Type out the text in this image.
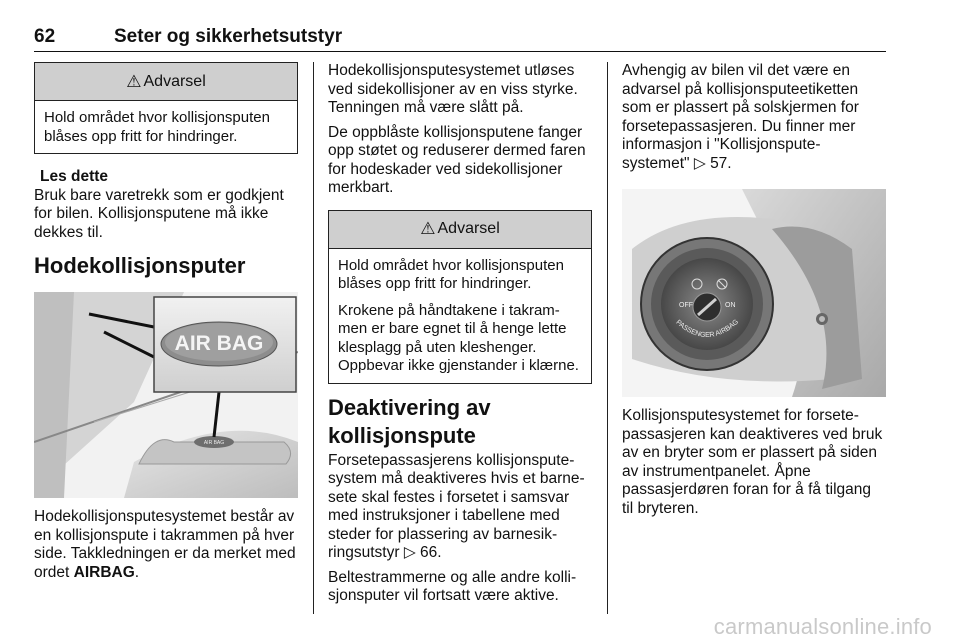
62	Seter og sikkerhetsutstyr
⚠ Advarsel

Hold området hvor kollisjonsputen blåses opp fritt for hindringer.

Les dette
Bruk bare varetrekk som er godkjent for bilen. Kollisjonsputene må ikke dekkes til.
Hodekollisjonsputer
AIR BAG
AIR BAG
Hodekollisjonsputesystemet består av en kollisjonspute i takrammen på hver side. Takkledningen er da merket med ordet AIRBAG.
Hodekollisjonsputesystemet utløses ved sidekollisjoner av en viss styrke. Tenningen må være slått på.
De oppblåste kollisjonsputene fanger opp støtet og reduserer dermed faren for hodeskader ved sidekollisjoner merkbart.
⚠ Advarsel

Hold området hvor kollisjonsputen blåses opp fritt for hindringer.

Krokene på håndtakene i takram-men er bare egnet til å henge lette klesplagg på uten kleshenger. Oppbevar ikke gjenstander i klærne.

Deaktivering av kollisjonspute
Forsetepassasjerens kollisjonspute-system må deaktiveres hvis et barne-sete skal festes i forsetet i samsvar med instruksjoner i tabellene med steder for plassering av barnesik-ringsutstyr ▷ 66.
Beltestrammerne og alle andre kolli-sjonsputer vil fortsatt være aktive.
Avhengig av bilen vil det være en advarsel på kollisjonsputeetiketten som er plassert på solskjermen for forsetepassasjeren. Du finner mer informasjon i "Kollisjonspute-systemet" ▷ 57.
OFF	ON
PASSENGER AIRBAG
Kollisjonsputesystemet for forsete-passasjeren kan deaktiveres ved bruk av en bryter som er plassert på siden av instrumentpanelet. Åpne passasjerdøren foran for å få tilgang til bryteren.
carmanualsonline.info
